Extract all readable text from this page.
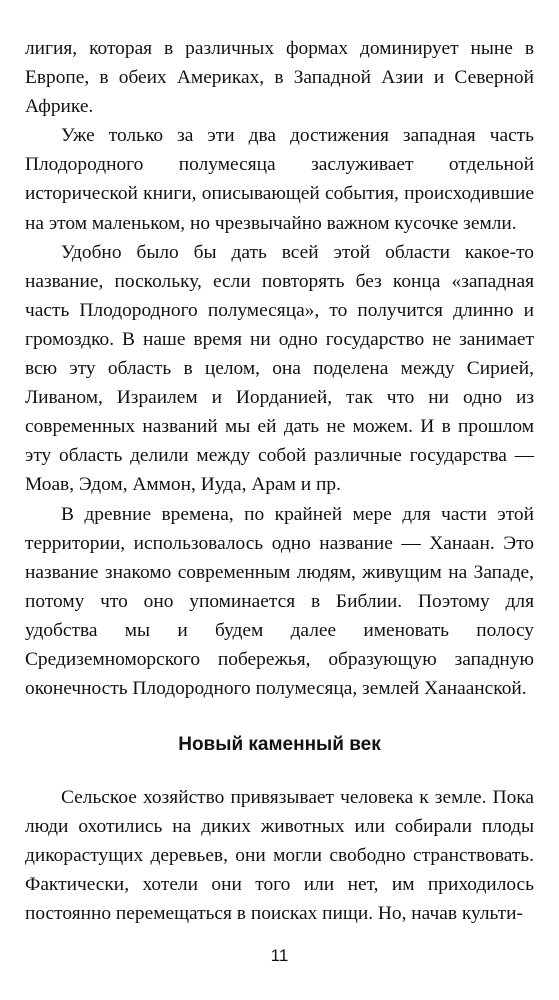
лигия, которая в различных формах доминирует ныне в Европе, в обеих Америках, в Западной Азии и Северной Африке.

Уже только за эти два достижения западная часть Плодородного полумесяца заслуживает отдельной исторической книги, описывающей события, происходившие на этом маленьком, но чрезвычайно важном кусочке земли.

Удобно было бы дать всей этой области какое-то название, поскольку, если повторять без конца «западная часть Плодородного полумесяца», то получится длинно и громоздко. В наше время ни одно государство не занимает всю эту область в целом, она поделена между Сирией, Ливаном, Израилем и Иорданией, так что ни одно из современных названий мы ей дать не можем. И в прошлом эту область делили между собой различные государства — Моав, Эдом, Аммон, Иуда, Арам и пр.

В древние времена, по крайней мере для части этой территории, использовалось одно название — Ханаан. Это название знакомо современным людям, живущим на Западе, потому что оно упоминается в Библии. Поэтому для удобства мы и будем далее именовать полосу Средиземноморского побережья, образующую западную оконечность Плодородного полумесяца, землей Ханаанской.

Новый каменный век

Сельское хозяйство привязывает человека к земле. Пока люди охотились на диких животных или собирали плоды дикорастущих деревьев, они могли свободно странствовать. Фактически, хотели они того или нет, им приходилось постоянно перемещаться в поисках пищи. Но, начав культи-

11
